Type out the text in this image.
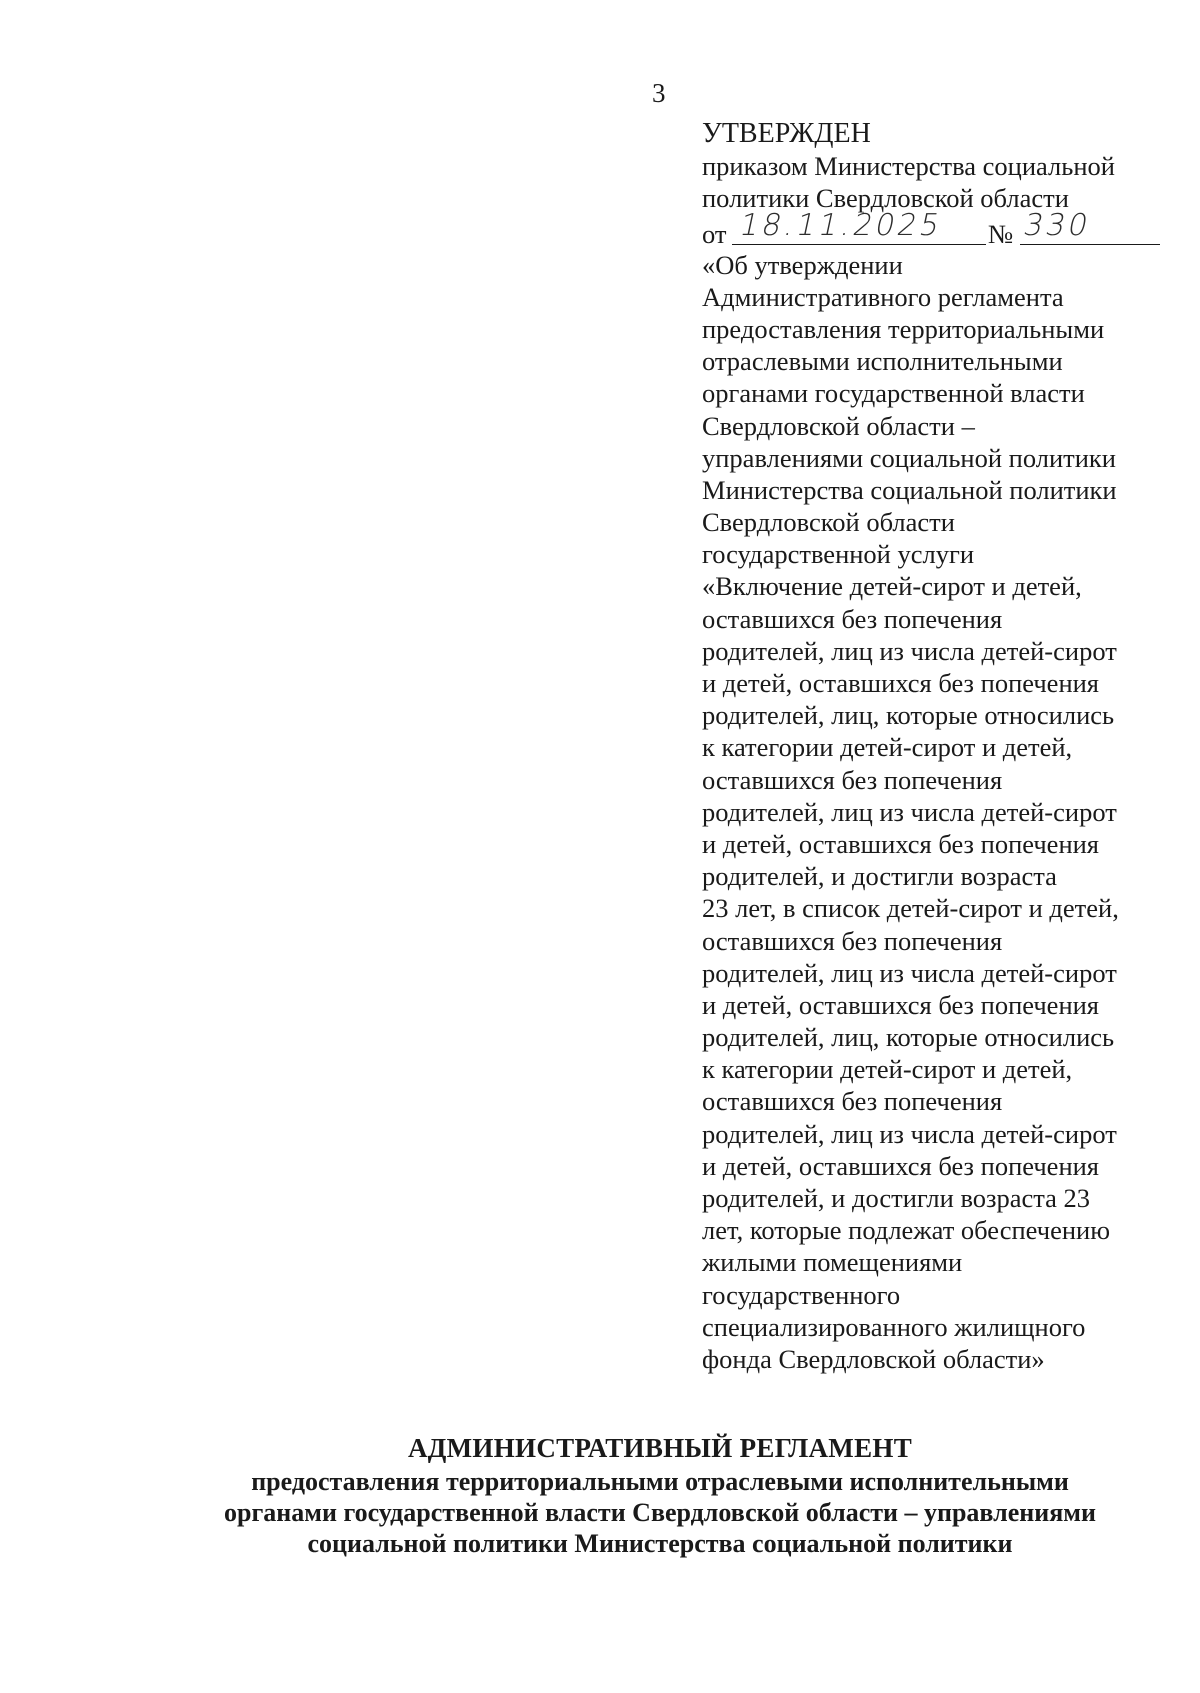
3
УТВЕРЖДЕН
приказом Министерства социальной
политики Свердловской области
от 18.11.2025 № 330
«Об утверждении
Административного регламента
предоставления территориальными
отраслевыми исполнительными
органами государственной власти
Свердловской области –
управлениями социальной политики
Министерства социальной политики
Свердловской области
государственной услуги
«Включение детей-сирот и детей,
оставшихся без попечения
родителей, лиц из числа детей-сирот
и детей, оставшихся без попечения
родителей, лиц, которые относились
к категории детей-сирот и детей,
оставшихся без попечения
родителей, лиц из числа детей-сирот
и детей, оставшихся без попечения
родителей, и достигли возраста
23 лет, в список детей-сирот и детей,
оставшихся без попечения
родителей, лиц из числа детей-сирот
и детей, оставшихся без попечения
родителей, лиц, которые относились
к категории детей-сирот и детей,
оставшихся без попечения
родителей, лиц из числа детей-сирот
и детей, оставшихся без попечения
родителей, и достигли возраста 23
лет, которые подлежат обеспечению
жилыми помещениями
государственного
специализированного жилищного
фонда Свердловской области»
АДМИНИСТРАТИВНЫЙ РЕГЛАМЕНТ
предоставления территориальными отраслевыми исполнительными
органами государственной власти Свердловской области – управлениями
социальной политики Министерства социальной политики
